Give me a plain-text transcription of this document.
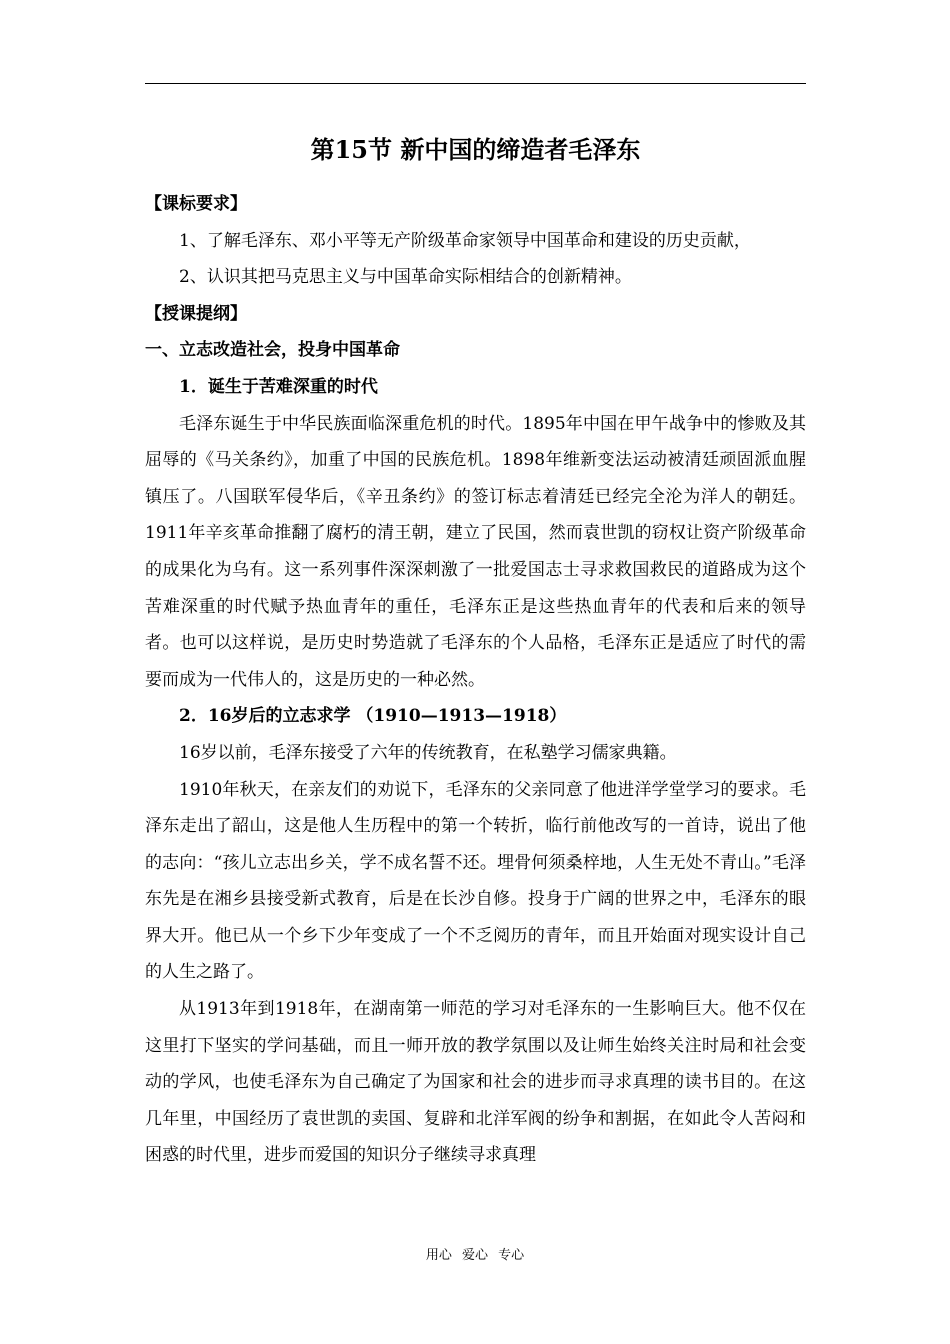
第15节 新中国的缔造者毛泽东

【课标要求】

1、了解毛泽东、邓小平等无产阶级革命家领导中国革命和建设的历史贡献，

2、认识其把马克思主义与中国革命实际相结合的创新精神。

【授课提纲】

一、立志改造社会，投身中国革命

1．诞生于苦难深重的时代

毛泽东诞生于中华民族面临深重危机的时代。1895年中国在甲午战争中的惨败及其屈辱的《马关条约》，加重了中国的民族危机。1898年维新变法运动被清廷顽固派血腥镇压了。八国联军侵华后，《辛丑条约》的签订标志着清廷已经完全沦为洋人的朝廷。1911年辛亥革命推翻了腐朽的清王朝，建立了民国，然而袁世凯的窃权让资产阶级革命的成果化为乌有。这一系列事件深深刺激了一批爱国志士寻求救国救民的道路成为这个苦难深重的时代赋予热血青年的重任，毛泽东正是这些热血青年的代表和后来的领导者。也可以这样说，是历史时势造就了毛泽东的个人品格，毛泽东正是适应了时代的需要而成为一代伟人的，这是历史的一种必然。

2．16岁后的立志求学 （1910—1913—1918）

16岁以前，毛泽东接受了六年的传统教育，在私塾学习儒家典籍。

1910年秋天，在亲友们的劝说下，毛泽东的父亲同意了他进洋学堂学习的要求。毛泽东走出了韶山，这是他人生历程中的第一个转折，临行前他改写的一首诗，说出了他的志向：“孩儿立志出乡关，学不成名誓不还。埋骨何须桑梓地，人生无处不青山。”毛泽东先是在湘乡县接受新式教育，后是在长沙自修。投身于广阔的世界之中，毛泽东的眼界大开。他已从一个乡下少年变成了一个不乏阅历的青年，而且开始面对现实设计自己的人生之路了。

从1913年到1918年，在湖南第一师范的学习对毛泽东的一生影响巨大。他不仅在这里打下坚实的学问基础，而且一师开放的教学氛围以及让师生始终关注时局和社会变动的学风，也使毛泽东为自己确定了为国家和社会的进步而寻求真理的读书目的。在这几年里，中国经历了袁世凯的卖国、复辟和北洋军阀的纷争和割据，在如此令人苦闷和困惑的时代里，进步而爱国的知识分子继续寻求真理

用心 爱心 专心
